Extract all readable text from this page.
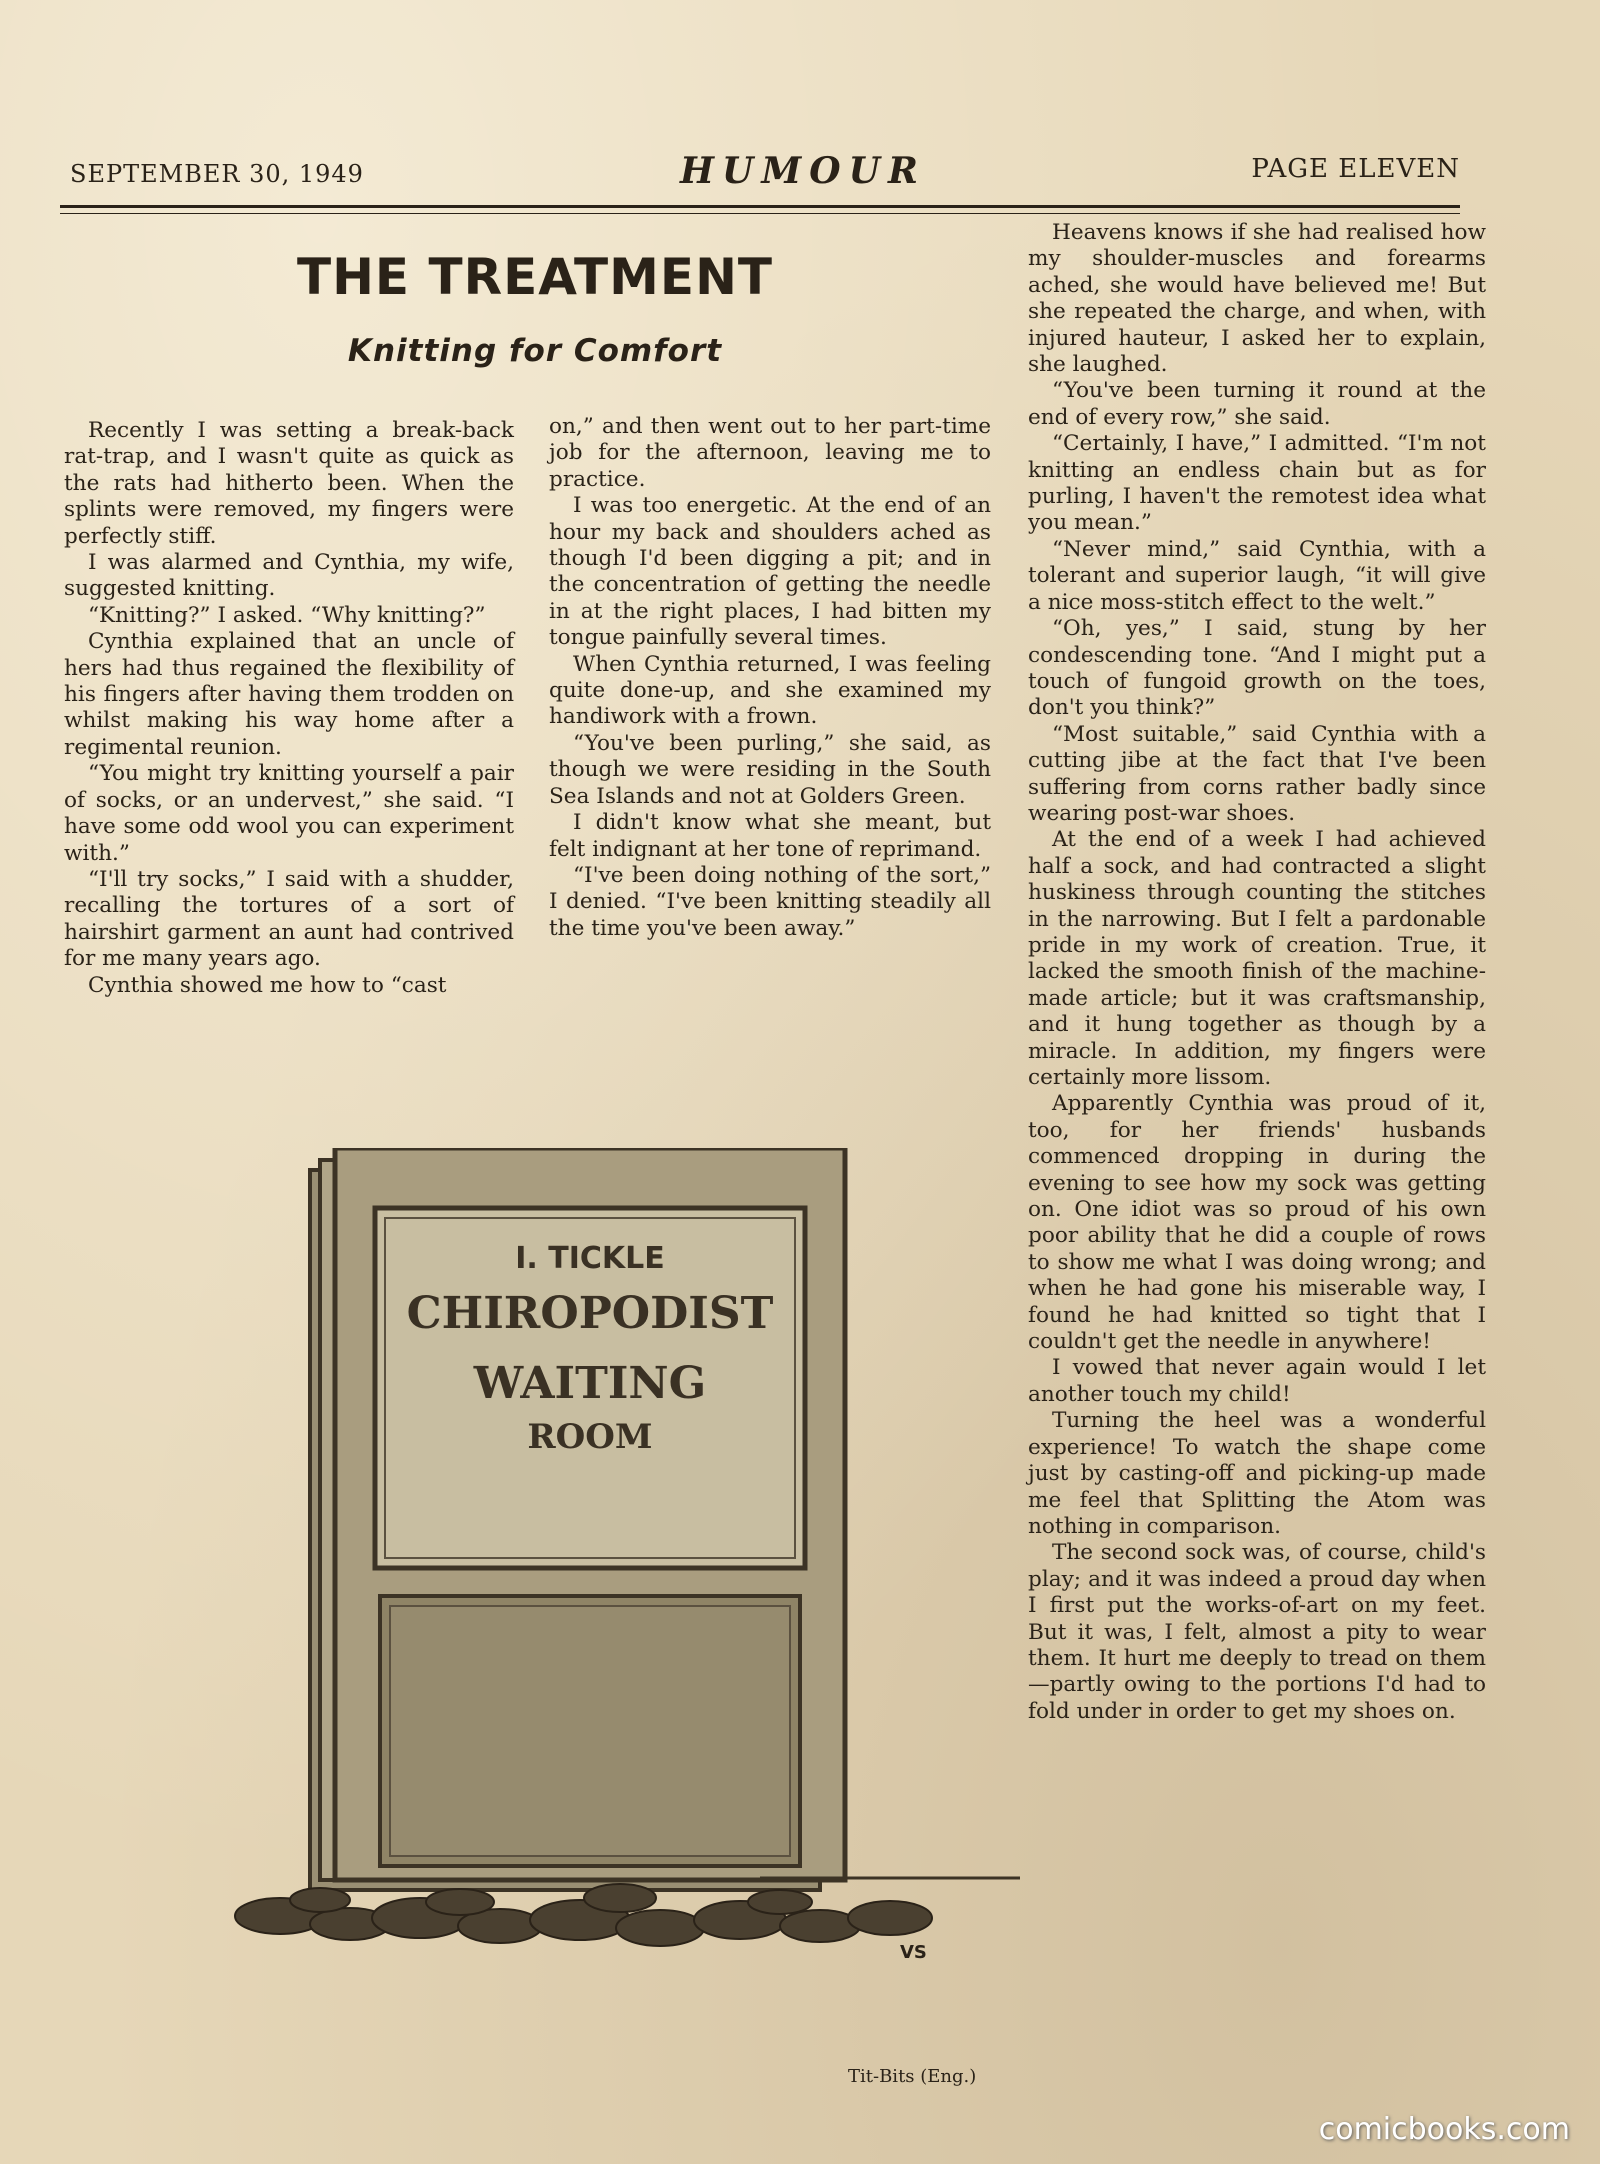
SEPTEMBER 30, 1949	HUMOUR	PAGE ELEVEN
THE TREATMENT
Knitting for Comfort

Recently I was setting a break-back rat-trap, and I wasn't quite as quick as the rats had hitherto been. When the splints were removed, my fingers were perfectly stiff.

I was alarmed and Cynthia, my wife, suggested knitting.

“Knitting?” I asked. “Why knitting?”

Cynthia explained that an uncle of hers had thus regained the flexibility of his fingers after having them trodden on whilst making his way home after a regimental reunion.

“You might try knitting yourself a pair of socks, or an undervest,” she said. “I have some odd wool you can experiment with.”

“I'll try socks,” I said with a shudder, recalling the tortures of a sort of hairshirt garment an aunt had contrived for me many years ago.

Cynthia showed me how to “cast

on,” and then went out to her part-time job for the afternoon, leaving me to practice.

I was too energetic. At the end of an hour my back and shoulders ached as though I'd been digging a pit; and in the concentration of getting the needle in at the right places, I had bitten my tongue painfully several times.

When Cynthia returned, I was feeling quite done-up, and she examined my handiwork with a frown.

“You've been purling,” she said, as though we were residing in the South Sea Islands and not at Golders Green.

I didn't know what she meant, but felt indignant at her tone of reprimand.

“I've been doing nothing of the sort,” I denied. “I've been knitting steadily all the time you've been away.”

Heavens knows if she had realised how my shoulder-muscles and forearms ached, she would have believed me! But she repeated the charge, and when, with injured hauteur, I asked her to explain, she laughed.

“You've been turning it round at the end of every row,” she said.

“Certainly, I have,” I admitted. “I'm not knitting an endless chain but as for purling, I haven't the remotest idea what you mean.”

“Never mind,” said Cynthia, with a tolerant and superior laugh, “it will give a nice moss-stitch effect to the welt.”

“Oh, yes,” I said, stung by her condescending tone. “And I might put a touch of fungoid growth on the toes, don't you think?”

“Most suitable,” said Cynthia with a cutting jibe at the fact that I've been suffering from corns rather badly since wearing post-war shoes.

At the end of a week I had achieved half a sock, and had contracted a slight huskiness through counting the stitches in the narrowing. But I felt a pardonable pride in my work of creation. True, it lacked the smooth finish of the machine-made article; but it was craftsmanship, and it hung together as though by a miracle. In addition, my fingers were certainly more lissom.

Apparently Cynthia was proud of it, too, for her friends' husbands commenced dropping in during the evening to see how my sock was getting on. One idiot was so proud of his own poor ability that he did a couple of rows to show me what I was doing wrong; and when he had gone his miserable way, I found he had knitted so tight that I couldn't get the needle in anywhere!

I vowed that never again would I let another touch my child!

Turning the heel was a wonderful experience! To watch the shape come just by casting-off and picking-up made me feel that Splitting the Atom was nothing in comparison.

The second sock was, of course, child's play; and it was indeed a proud day when I first put the works-of-art on my feet. But it was, I felt, almost a pity to wear them. It hurt me deeply to tread on them—partly owing to the portions I'd had to fold under in order to get my shoes on.

I. TICKLE
CHIROPODIST
WAITING
ROOM
VS
Tit-Bits (Eng.)
comicbooks.com
